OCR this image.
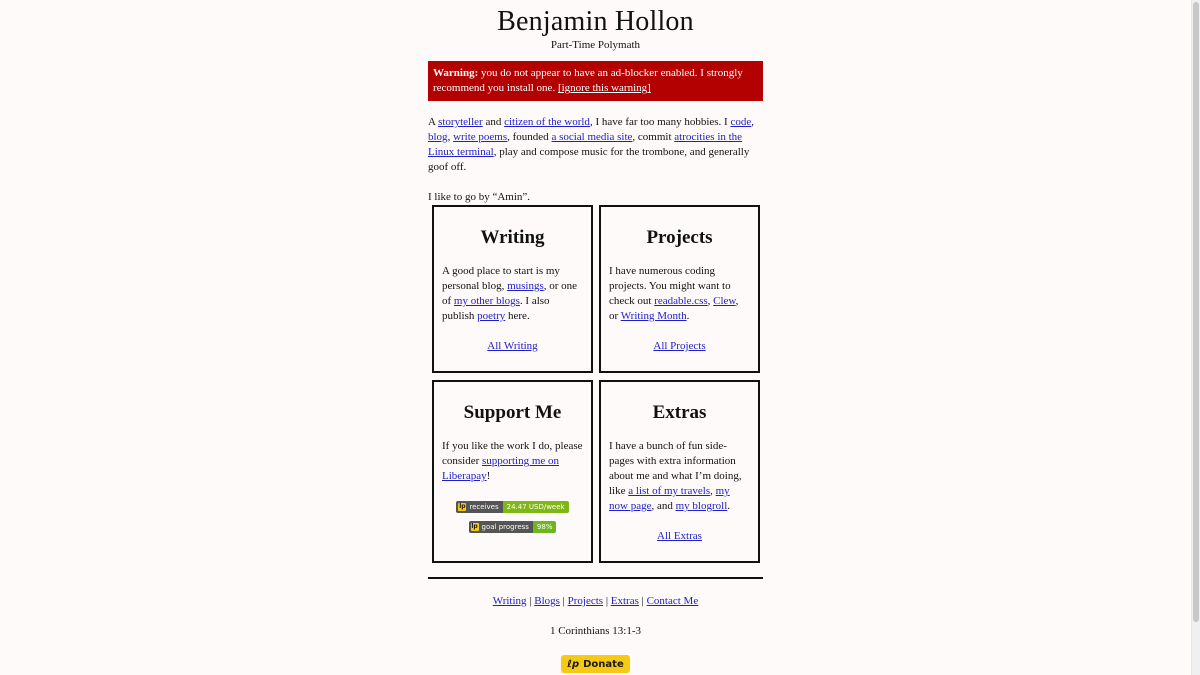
Benjamin Hollon
Part-Time Polymath
Warning: you do not appear to have an ad-blocker enabled. I strongly recommend you install one. [ignore this warning]

A storyteller and citizen of the world, I have far too many hobbies. I code, blog, write poems, founded a social media site, commit atrocities in the Linux terminal, play and compose music for the trombone, and generally goof off.

I like to go by “Amin”.

Writing

A good place to start is my personal blog, musings, or one of my other blogs. I also publish poetry here.

All Writing
Projects

I have numerous coding projects. You might want to check out readable.css, Clew, or Writing Month.

All Projects
Support Me

If you like the work I do, please consider supporting me on Liberapay!

lp receives	24.47 USD/week

lp goal progress	98%
Extras

I have a bunch of fun side-pages with extra information about me and what I’m doing, like a list of my travels, my now page, and my blogroll.

All Extras
Writing | Blogs | Projects | Extras | Contact Me
1 Corinthians 13:1-3
ℓp Donate
